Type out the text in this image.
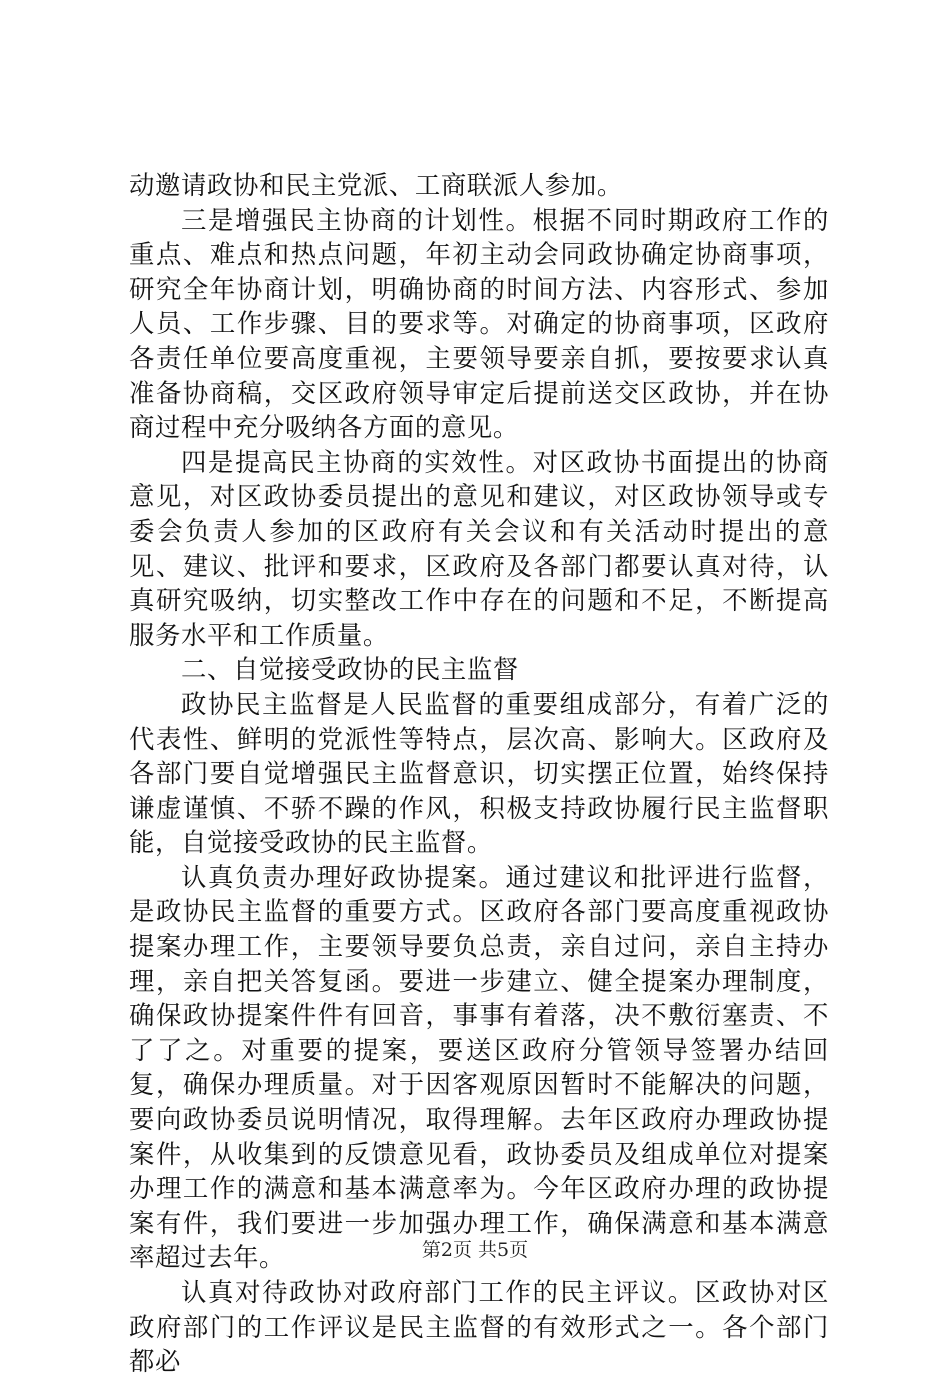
动邀请政协和民主党派、工商联派人参加。

三是增强民主协商的计划性。根据不同时期政府工作的重点、难点和热点问题，年初主动会同政协确定协商事项，研究全年协商计划，明确协商的时间方法、内容形式、参加人员、工作步骤、目的要求等。对确定的协商事项，区政府各责任单位要高度重视，主要领导要亲自抓，要按要求认真准备协商稿，交区政府领导审定后提前送交区政协，并在协商过程中充分吸纳各方面的意见。

四是提高民主协商的实效性。对区政协书面提出的协商意见，对区政协委员提出的意见和建议，对区政协领导或专委会负责人参加的区政府有关会议和有关活动时提出的意见、建议、批评和要求，区政府及各部门都要认真对待，认真研究吸纳，切实整改工作中存在的问题和不足，不断提高服务水平和工作质量。

二、自觉接受政协的民主监督

政协民主监督是人民监督的重要组成部分，有着广泛的代表性、鲜明的党派性等特点，层次高、影响大。区政府及各部门要自觉增强民主监督意识，切实摆正位置，始终保持谦虚谨慎、不骄不躁的作风，积极支持政协履行民主监督职能，自觉接受政协的民主监督。

认真负责办理好政协提案。通过建议和批评进行监督，是政协民主监督的重要方式。区政府各部门要高度重视政协提案办理工作，主要领导要负总责，亲自过问，亲自主持办理，亲自把关答复函。要进一步建立、健全提案办理制度，确保政协提案件件有回音，事事有着落，决不敷衍塞责、不了了之。对重要的提案，要送区政府分管领导签署办结回复，确保办理质量。对于因客观原因暂时不能解决的问题，要向政协委员说明情况，取得理解。去年区政府办理政协提案件，从收集到的反馈意见看，政协委员及组成单位对提案办理工作的满意和基本满意率为。今年区政府办理的政协提案有件，我们要进一步加强办理工作，确保满意和基本满意率超过去年。

认真对待政协对政府部门工作的民主评议。区政协对区政府部门的工作评议是民主监督的有效形式之一。各个部门都必

第2页 共5页
